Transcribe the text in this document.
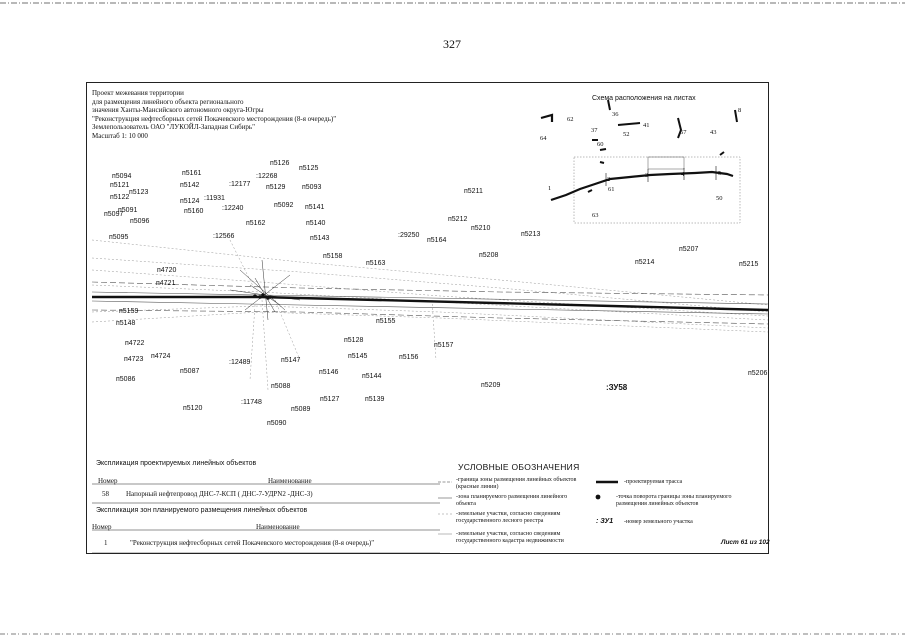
327
Проект межевания территории
для размещения линейного объекта регионального
значения Ханты-Мансийского автономного округа-Югры
"Реконструкция нефтесборных сетей Покачевского месторождения (8-я очередь)"
Землепользователь ОАО "ЛУКОЙЛ-Западная Сибирь"
Масштаб 1: 10 000
Схема расположения на листах
62
36
37
41
52	67	43
64
60
2
3	4	5
1	61
50
63
8
п5126
п5125
п5094	п5161	:12268
п5121	п5142	:12177 п5129 п5093
п5122
п5123	п5211
:11931
п5124
п5091	п5160	:12240	п5092 п5141
п5097
п5096	п5162	п5140
п5212
п5210
п5213
:29250
п5164
п5095	:12566	п5143
п5208
п5158
п5163
п5207
п4720
п5214	п5215
п4721
п5159
п5148	п5155
п5128
п5157
п4722
п4724
:12489	п5147
п5145	п5156
п4723
п5087	п5146
п5144
п5086
п5088	п5209
п5206
:11748	п5127	п5139
п5120	п5089
п5090
:ЗУ58
Экспликация проектируемых линейных объектов
Номер	Наименование
58 Напорный нефтепровод ДНС-7-КСП ( ДНС-7-УДРN2 -ДНС-3)
Экспликация зон планируемого размещения линейных объектов
Номер	Наименование
1	"Реконструкция нефтесборных сетей Покачевского месторождения (8-я очередь)"
УСЛОВНЫЕ ОБОЗНАЧЕНИЯ
-граница зоны размещения линейных объектов (красные линии)
-зона планируемого размещения линейного объекта
-земельные участки, согласно сведениям государственного лесного реестра
-земельные участки, согласно сведениям государственного кадастра недвижимости
-проектируемая трасса
-точка поворота границы зоны планируемого размещения линейных объектов
: ЗУ1	-номер земельного участка
Лист 61 из 102
